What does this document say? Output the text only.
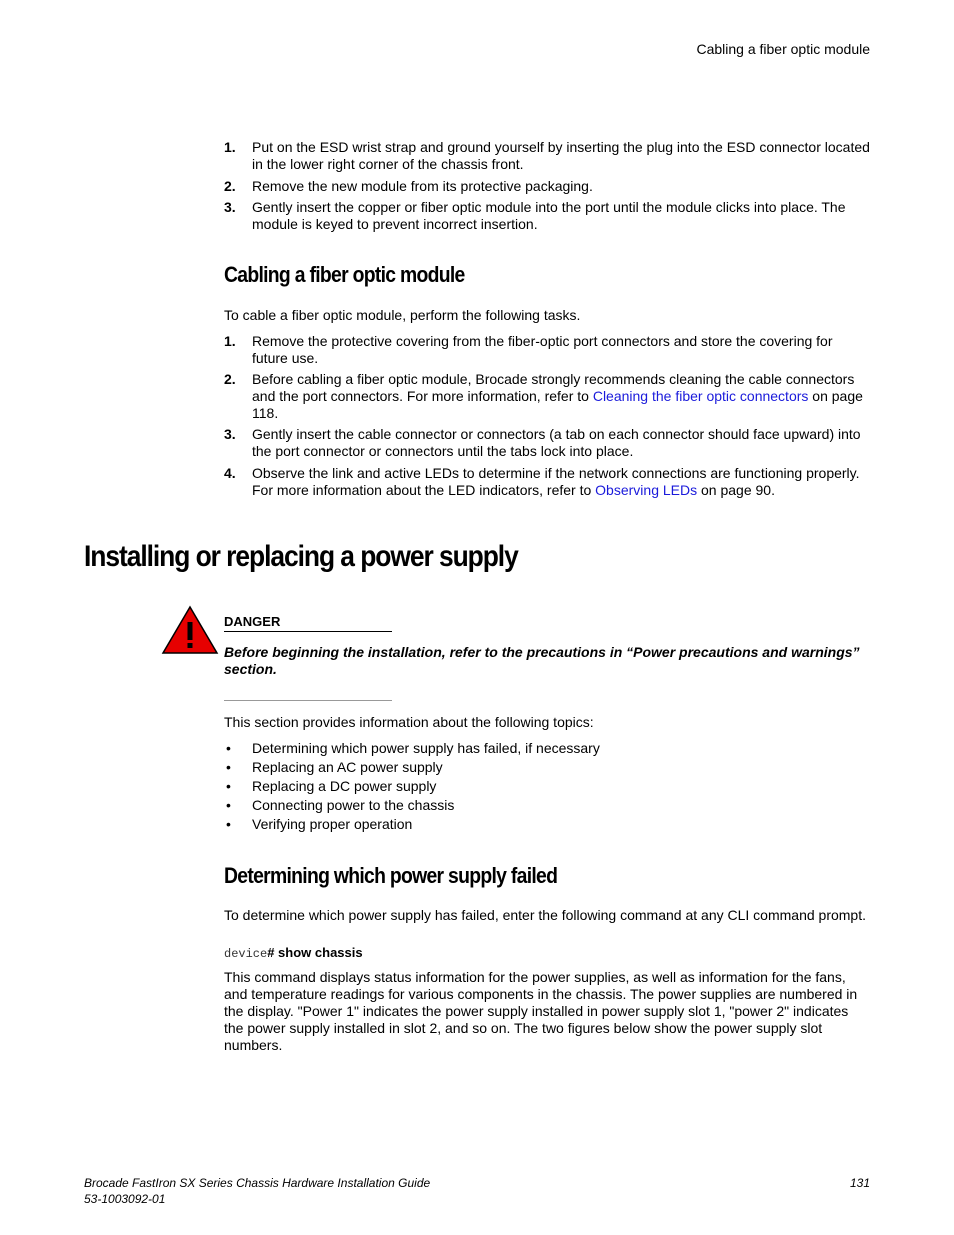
Cabling a fiber optic module
1. Put on the ESD wrist strap and ground yourself by inserting the plug into the ESD connector located in the lower right corner of the chassis front.
2. Remove the new module from its protective packaging.
3. Gently insert the copper or fiber optic module into the port until the module clicks into place. The module is keyed to prevent incorrect insertion.
Cabling a fiber optic module
To cable a fiber optic module, perform the following tasks.
1. Remove the protective covering from the fiber-optic port connectors and store the covering for future use.
2. Before cabling a fiber optic module, Brocade strongly recommends cleaning the cable connectors and the port connectors. For more information, refer to Cleaning the fiber optic connectors on page 118.
3. Gently insert the cable connector or connectors (a tab on each connector should face upward) into the port connector or connectors until the tabs lock into place.
4. Observe the link and active LEDs to determine if the network connections are functioning properly. For more information about the LED indicators, refer to Observing LEDs on page 90.
Installing or replacing a power supply
DANGER
Before beginning the installation, refer to the precautions in “Power precautions and warnings” section.
This section provides information about the following topics:
• Determining which power supply has failed, if necessary
• Replacing an AC power supply
• Replacing a DC power supply
• Connecting power to the chassis
• Verifying proper operation
Determining which power supply failed
To determine which power supply has failed, enter the following command at any CLI command prompt.
device# show chassis
This command displays status information for the power supplies, as well as information for the fans, and temperature readings for various components in the chassis. The power supplies are numbered in the display. "Power 1" indicates the power supply installed in power supply slot 1, "power 2" indicates the power supply installed in slot 2, and so on. The two figures below show the power supply slot numbers.
Brocade FastIron SX Series Chassis Hardware Installation Guide
53-1003092-01
131
